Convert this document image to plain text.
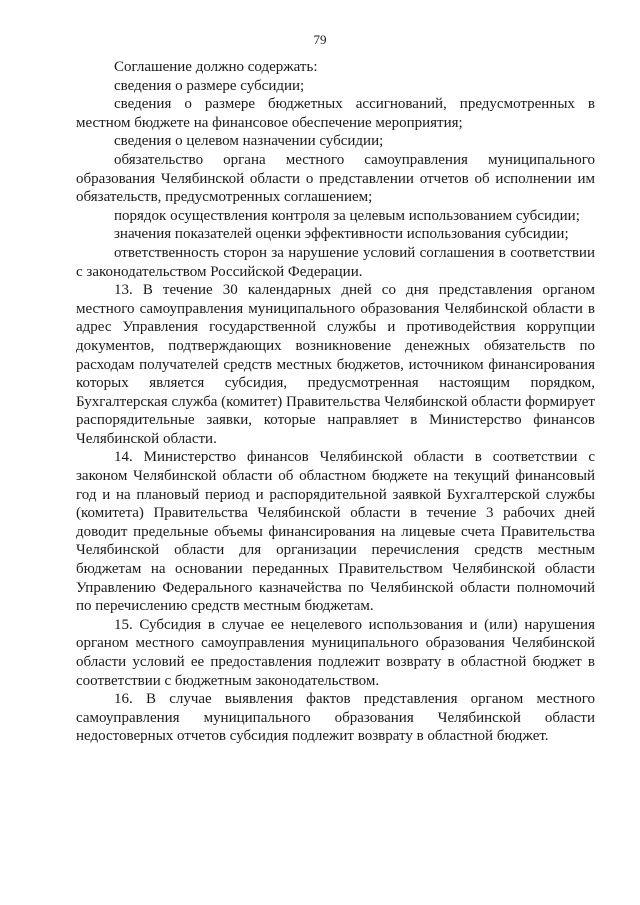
79

Соглашение должно содержать:

сведения о размере субсидии;

сведения о размере бюджетных ассигнований, предусмотренных в местном бюджете на финансовое обеспечение мероприятия;

сведения о целевом назначении субсидии;

обязательство органа местного самоуправления муниципального образования Челябинской области о представлении отчетов об исполнении им обязательств, предусмотренных соглашением;

порядок осуществления контроля за целевым использованием субсидии;

значения показателей оценки эффективности использования субсидии;

ответственность сторон за нарушение условий соглашения в соответствии с законодательством Российской Федерации.

13. В течение 30 календарных дней со дня представления органом местного самоуправления муниципального образования Челябинской области в адрес Управления государственной службы и противодействия коррупции документов, подтверждающих возникновение денежных обязательств по расходам получателей средств местных бюджетов, источником финансирования которых является субсидия, предусмотренная настоящим порядком, Бухгалтерская служба (комитет) Правительства Челябинской области формирует распорядительные заявки, которые направляет в Министерство финансов Челябинской области.

14. Министерство финансов Челябинской области в соответствии с законом Челябинской области об областном бюджете на текущий финансовый год и на плановый период и распорядительной заявкой Бухгалтерской службы (комитета) Правительства Челябинской области в течение 3 рабочих дней доводит предельные объемы финансирования на лицевые счета Правительства Челябинской области для организации перечисления средств местным бюджетам на основании переданных Правительством Челябинской области Управлению Федерального казначейства по Челябинской области полномочий по перечислению средств местным бюджетам.

15. Субсидия в случае ее нецелевого использования и (или) нарушения органом местного самоуправления муниципального образования Челябинской области условий ее предоставления подлежит возврату в областной бюджет в соответствии с бюджетным законодательством.

16. В случае выявления фактов представления органом местного самоуправления муниципального образования Челябинской области недостоверных отчетов субсидия подлежит возврату в областной бюджет.
